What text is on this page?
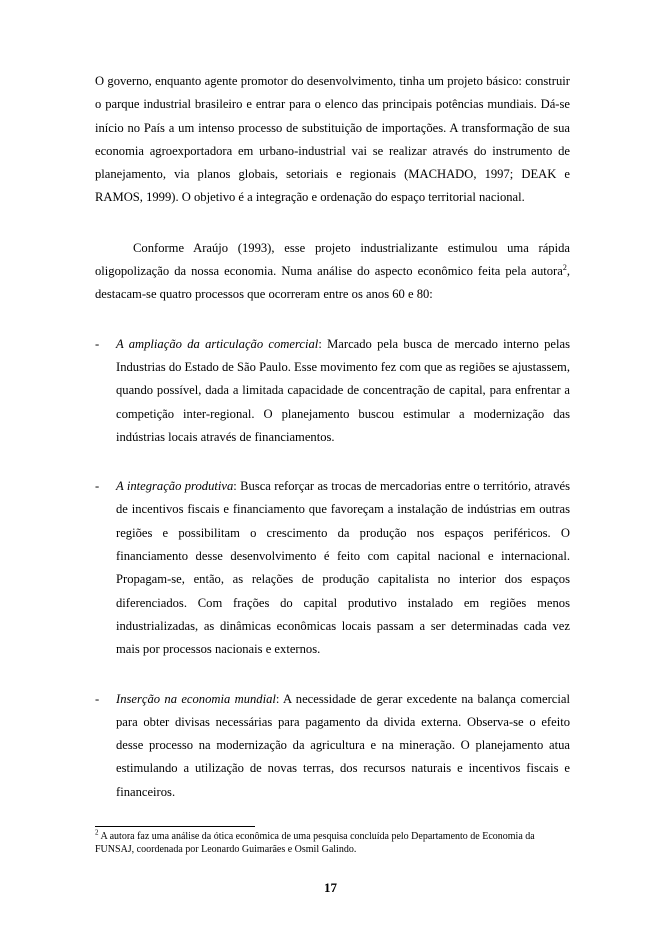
O governo, enquanto agente promotor do desenvolvimento, tinha um projeto básico: construir o parque industrial brasileiro e entrar para o elenco das principais potências mundiais. Dá-se início no País a um intenso processo de substituição de importações. A transformação de sua economia agroexportadora em urbano-industrial vai se realizar através do instrumento de planejamento, via planos globais, setoriais e regionais (MACHADO, 1997; DEAK e RAMOS, 1999). O objetivo é a integração e ordenação do espaço territorial nacional.

Conforme Araújo (1993), esse projeto industrializante estimulou uma rápida oligopolização da nossa economia. Numa análise do aspecto econômico feita pela autora$^2$, destacam-se quatro processos que ocorreram entre os anos 60 e 80:

- A ampliação da articulação comercial: Marcado pela busca de mercado interno pelas Industrias do Estado de São Paulo. Esse movimento fez com que as regiões se ajustassem, quando possível, dada a limitada capacidade de concentração de capital, para enfrentar a competição inter-regional. O planejamento buscou estimular a modernização das indústrias locais através de financiamentos.
- A integração produtiva: Busca reforçar as trocas de mercadorias entre o território, através de incentivos fiscais e financiamento que favoreçam a instalação de indústrias em outras regiões e possibilitam o crescimento da produção nos espaços periféricos. O financiamento desse desenvolvimento é feito com capital nacional e internacional. Propagam-se, então, as relações de produção capitalista no interior dos espaços diferenciados. Com frações do capital produtivo instalado em regiões menos industrializadas, as dinâmicas econômicas locais passam a ser determinadas cada vez mais por processos nacionais e externos.
- Inserção na economia mundial: A necessidade de gerar excedente na balança comercial para obter divisas necessárias para pagamento da divida externa. Observa-se o efeito desse processo na modernização da agricultura e na mineração. O planejamento atua estimulando a utilização de novas terras, dos recursos naturais e incentivos fiscais e financeiros.
$^2$ A autora faz uma análise da ótica econômica de uma pesquisa concluída pelo Departamento de Economia da FUNSAJ, coordenada por Leonardo Guimarães e Osmil Galindo.
17
